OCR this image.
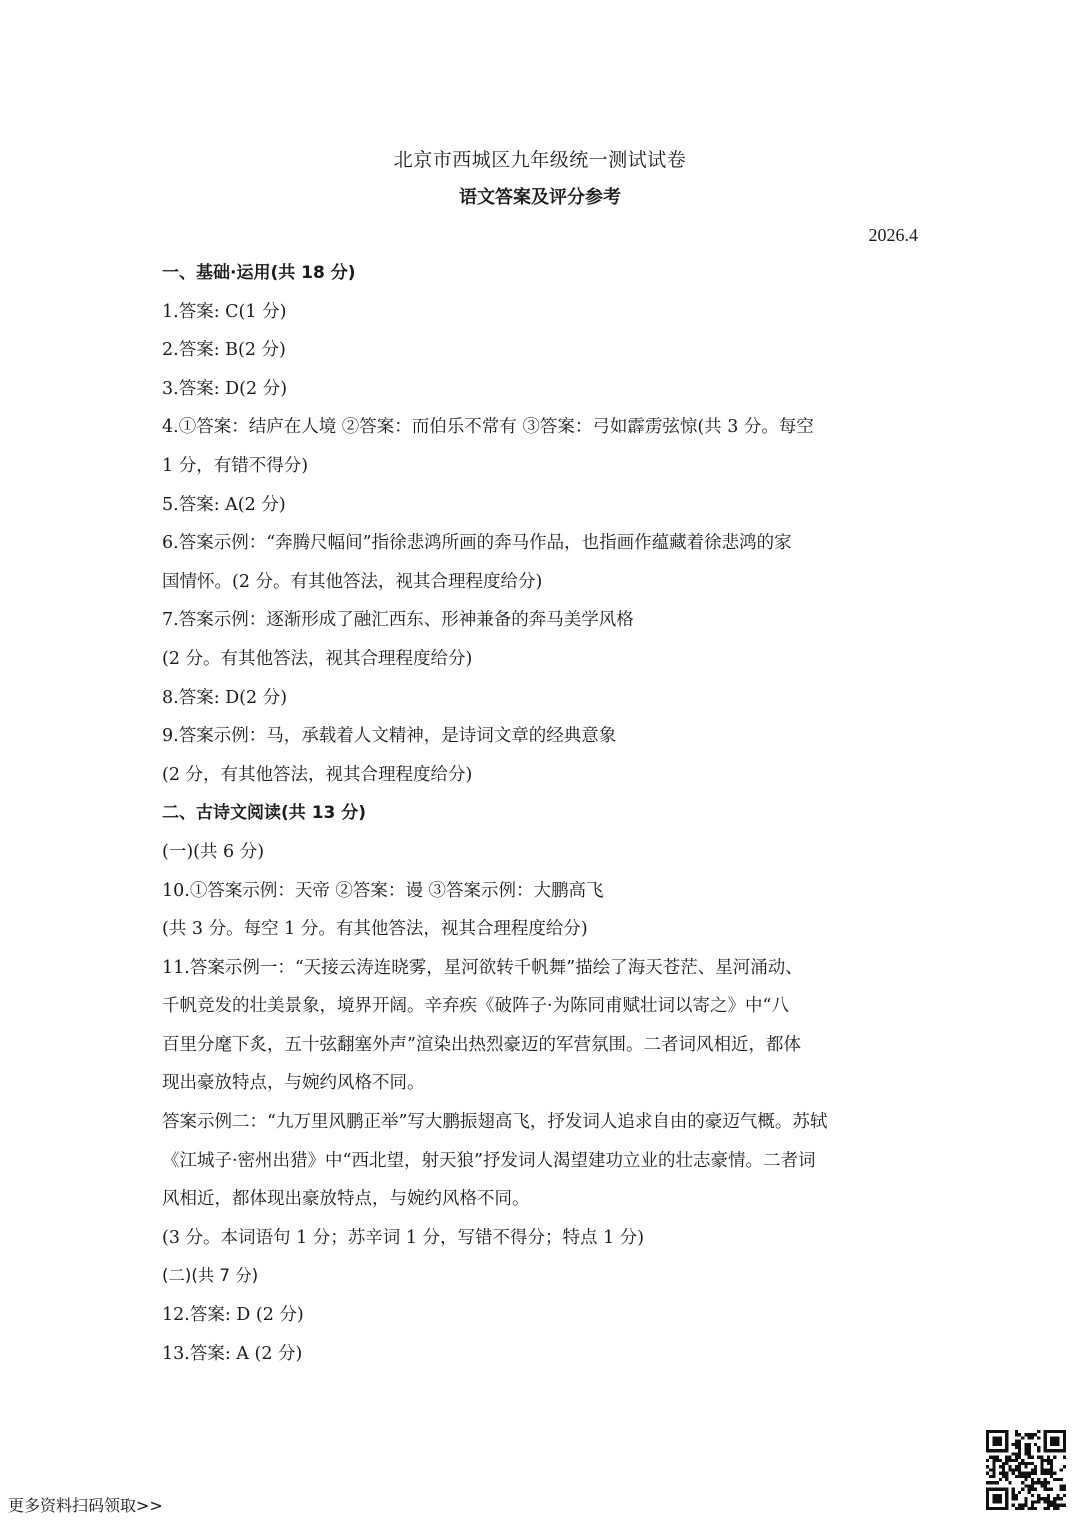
北京市西城区九年级统一测试试卷
语文答案及评分参考
2026.4
一、基础·运用(共 18 分)
1.答案: C(1 分)
2.答案: B(2 分)
3.答案: D(2 分)
4.①答案：结庐在人境 ②答案：而伯乐不常有 ③答案：弓如霹雳弦惊(共 3 分。每空
1 分，有错不得分)
5.答案: A(2 分)
6.答案示例：“奔腾尺幅间”指徐悲鸿所画的奔马作品，也指画作蕴藏着徐悲鸿的家
国情怀。(2 分。有其他答法，视其合理程度给分)
7.答案示例：逐渐形成了融汇西东、形神兼备的奔马美学风格
(2 分。有其他答法，视其合理程度给分)
8.答案: D(2 分)
9.答案示例：马，承载着人文精神，是诗词文章的经典意象
(2 分，有其他答法，视其合理程度给分)
二、古诗文阅读(共 13 分)
(一)(共 6 分)
10.①答案示例：天帝 ②答案：谩 ③答案示例：大鹏高飞
(共 3 分。每空 1 分。有其他答法，视其合理程度给分)
11.答案示例一：“天接云涛连晓雾，星河欲转千帆舞”描绘了海天苍茫、星河涌动、
千帆竞发的壮美景象，境界开阔。辛弃疾《破阵子·为陈同甫赋壮词以寄之》中“八
百里分麾下炙，五十弦翻塞外声”渲染出热烈豪迈的军营氛围。二者词风相近，都体
现出豪放特点，与婉约风格不同。
答案示例二：“九万里风鹏正举”写大鹏振翅高飞，抒发词人追求自由的豪迈气概。苏轼
《江城子·密州出猎》中“西北望，射天狼”抒发词人渴望建功立业的壮志豪情。二者词
风相近，都体现出豪放特点，与婉约风格不同。
(3 分。本词语句 1 分；苏辛词 1 分，写错不得分；特点 1 分)
(二)(共 7 分)
12.答案: D (2 分)
13.答案: A (2 分)
更多资料扫码领取>>
